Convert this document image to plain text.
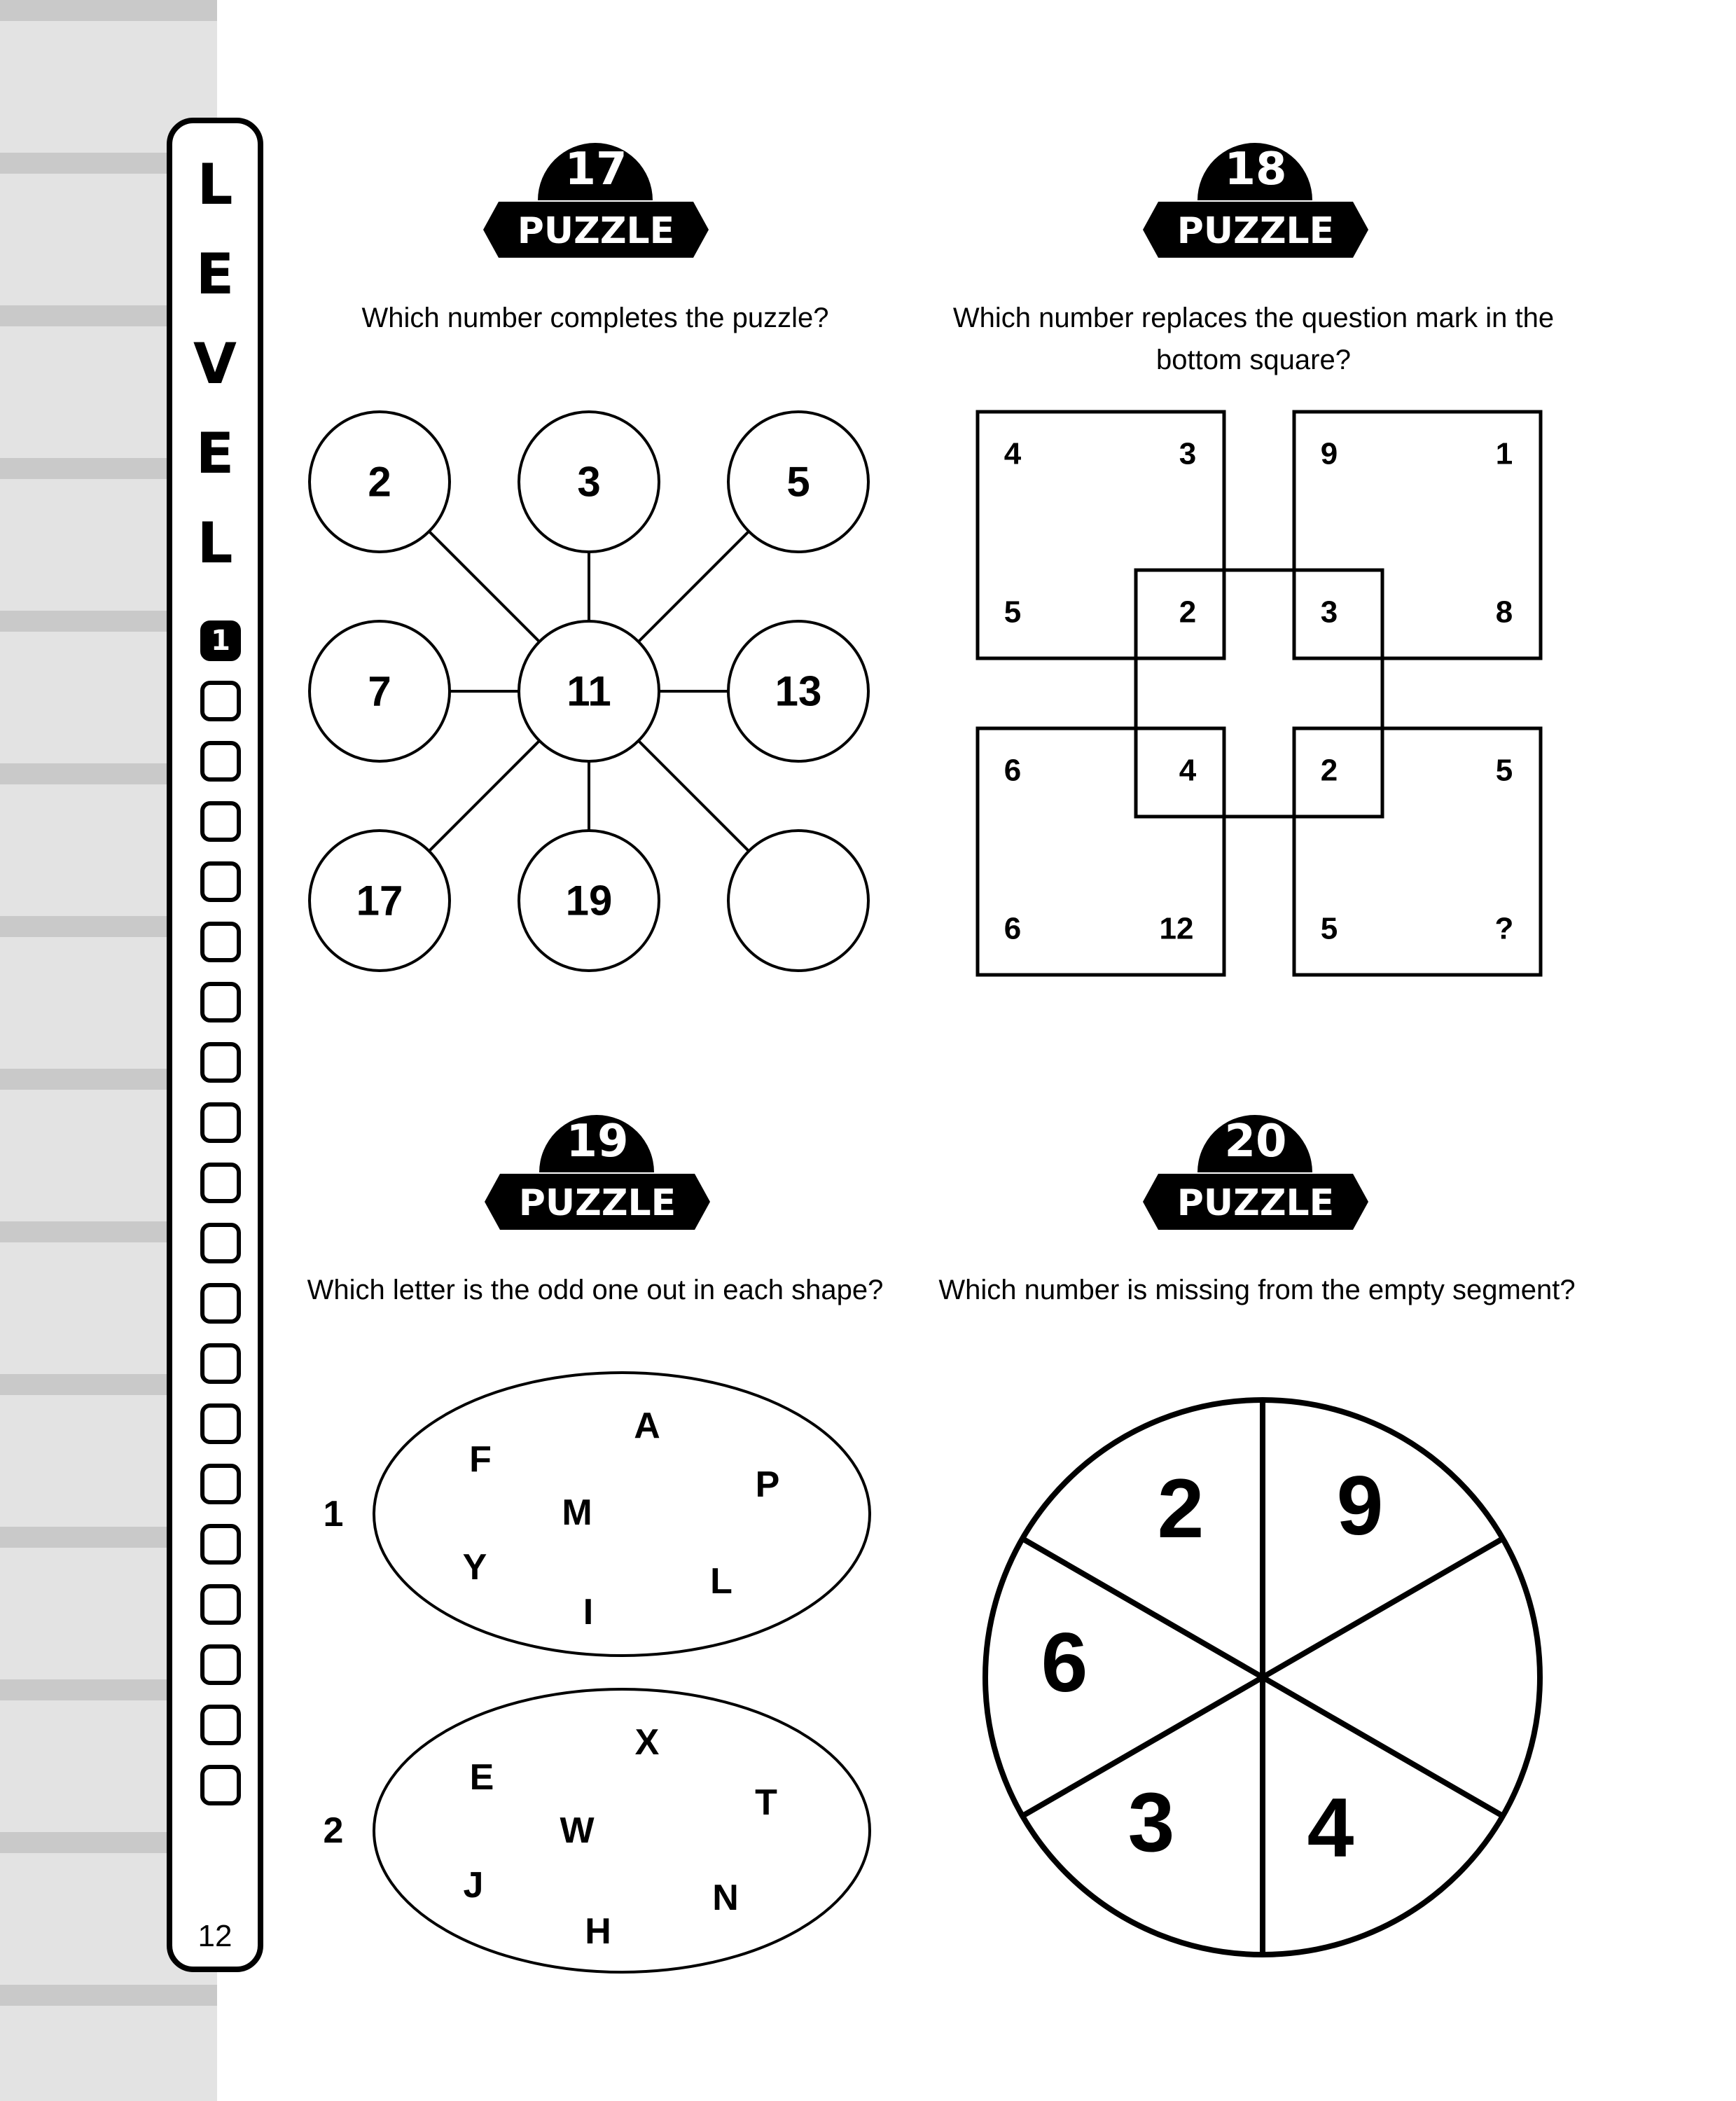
L
E
V
E
L
1
12
17
PUZZLE
18
PUZZLE
19
PUZZLE
20
PUZZLE
Which number completes the puzzle?	Which number replaces the question mark in the bottom square?
Which letter is the odd one out in each shape?	Which number is missing from the empty segment?
2	3	5
7	11	13
17	19
4	3
5	2
9	1
3	8
6	4
6	12
2	5
5	?
1
A
F
P
M
Y	L
I
2
X
E
T
W
J	N
H
2 9
4
3
6
